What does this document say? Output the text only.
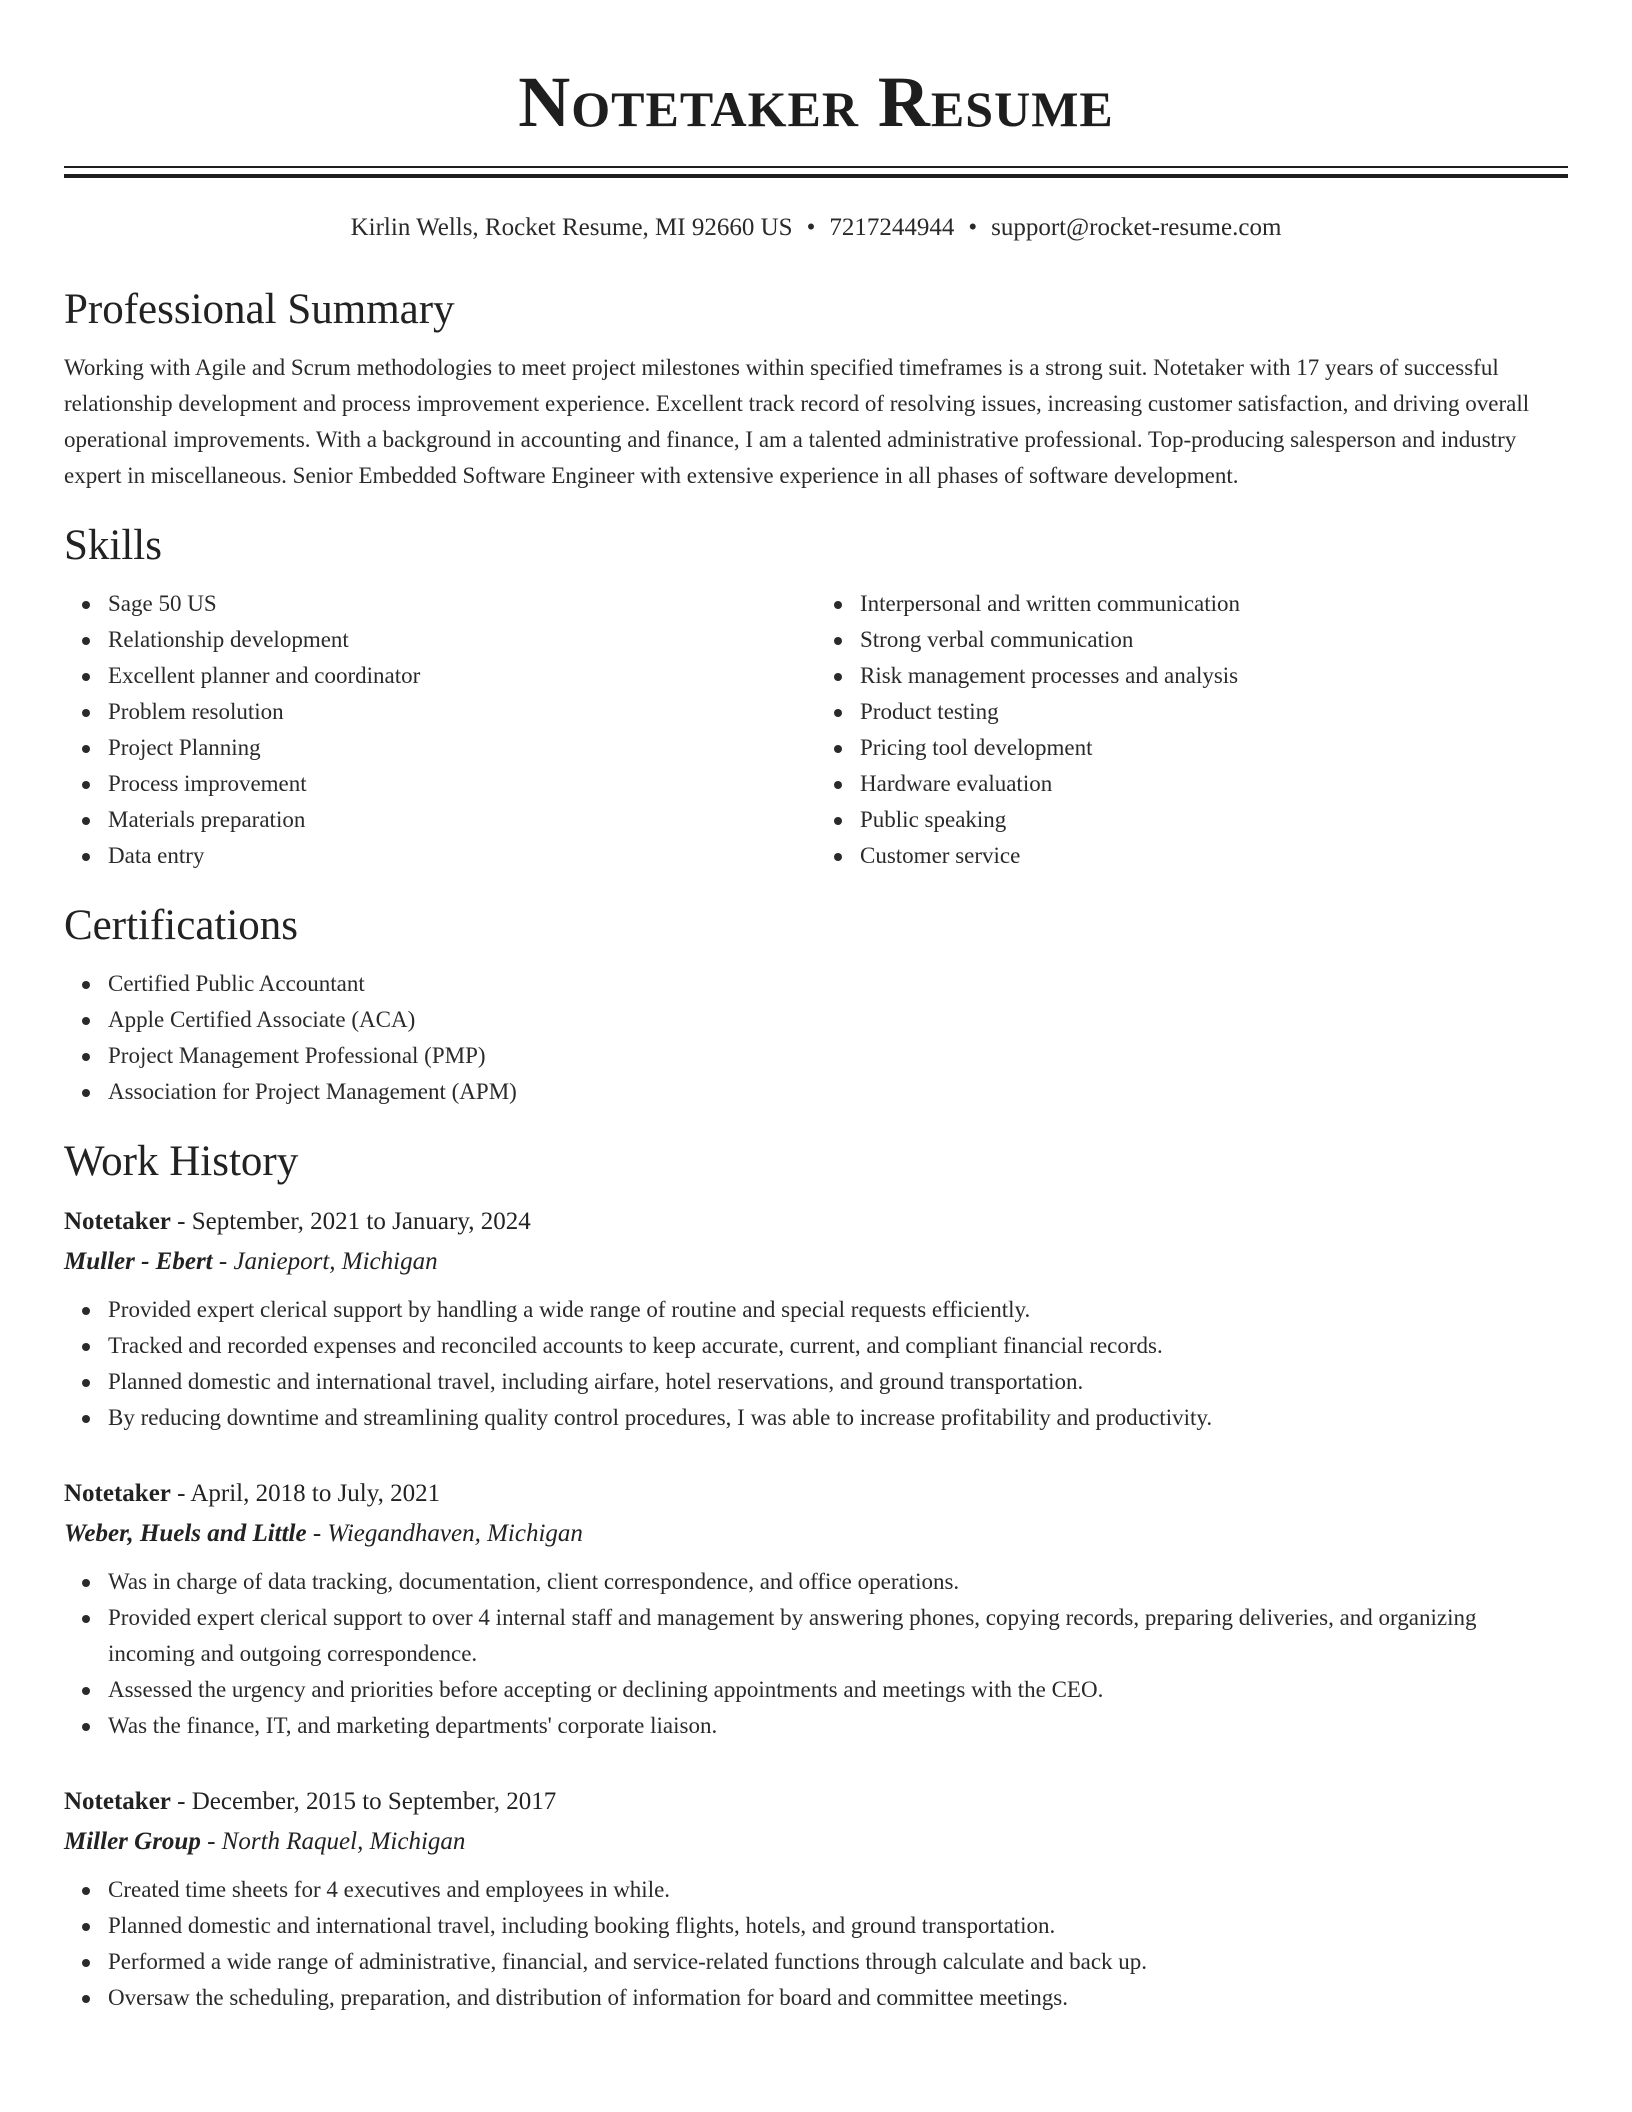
Notetaker Resume
Kirlin Wells, Rocket Resume, MI 92660 US • 7217244944 • support@rocket-resume.com
Professional Summary
Working with Agile and Scrum methodologies to meet project milestones within specified timeframes is a strong suit. Notetaker with 17 years of successful relationship development and process improvement experience. Excellent track record of resolving issues, increasing customer satisfaction, and driving overall operational improvements. With a background in accounting and finance, I am a talented administrative professional. Top-producing salesperson and industry expert in miscellaneous. Senior Embedded Software Engineer with extensive experience in all phases of software development.
Skills
Sage 50 US
Relationship development
Excellent planner and coordinator
Problem resolution
Project Planning
Process improvement
Materials preparation
Data entry
Interpersonal and written communication
Strong verbal communication
Risk management processes and analysis
Product testing
Pricing tool development
Hardware evaluation
Public speaking
Customer service
Certifications
Certified Public Accountant
Apple Certified Associate (ACA)
Project Management Professional (PMP)
Association for Project Management (APM)
Work History
Notetaker - September, 2021 to January, 2024
Muller - Ebert - Janieport, Michigan
Provided expert clerical support by handling a wide range of routine and special requests efficiently.
Tracked and recorded expenses and reconciled accounts to keep accurate, current, and compliant financial records.
Planned domestic and international travel, including airfare, hotel reservations, and ground transportation.
By reducing downtime and streamlining quality control procedures, I was able to increase profitability and productivity.
Notetaker - April, 2018 to July, 2021
Weber, Huels and Little - Wiegandhaven, Michigan
Was in charge of data tracking, documentation, client correspondence, and office operations.
Provided expert clerical support to over 4 internal staff and management by answering phones, copying records, preparing deliveries, and organizing incoming and outgoing correspondence.
Assessed the urgency and priorities before accepting or declining appointments and meetings with the CEO.
Was the finance, IT, and marketing departments' corporate liaison.
Notetaker - December, 2015 to September, 2017
Miller Group - North Raquel, Michigan
Created time sheets for 4 executives and employees in while.
Planned domestic and international travel, including booking flights, hotels, and ground transportation.
Performed a wide range of administrative, financial, and service-related functions through calculate and back up.
Oversaw the scheduling, preparation, and distribution of information for board and committee meetings.
